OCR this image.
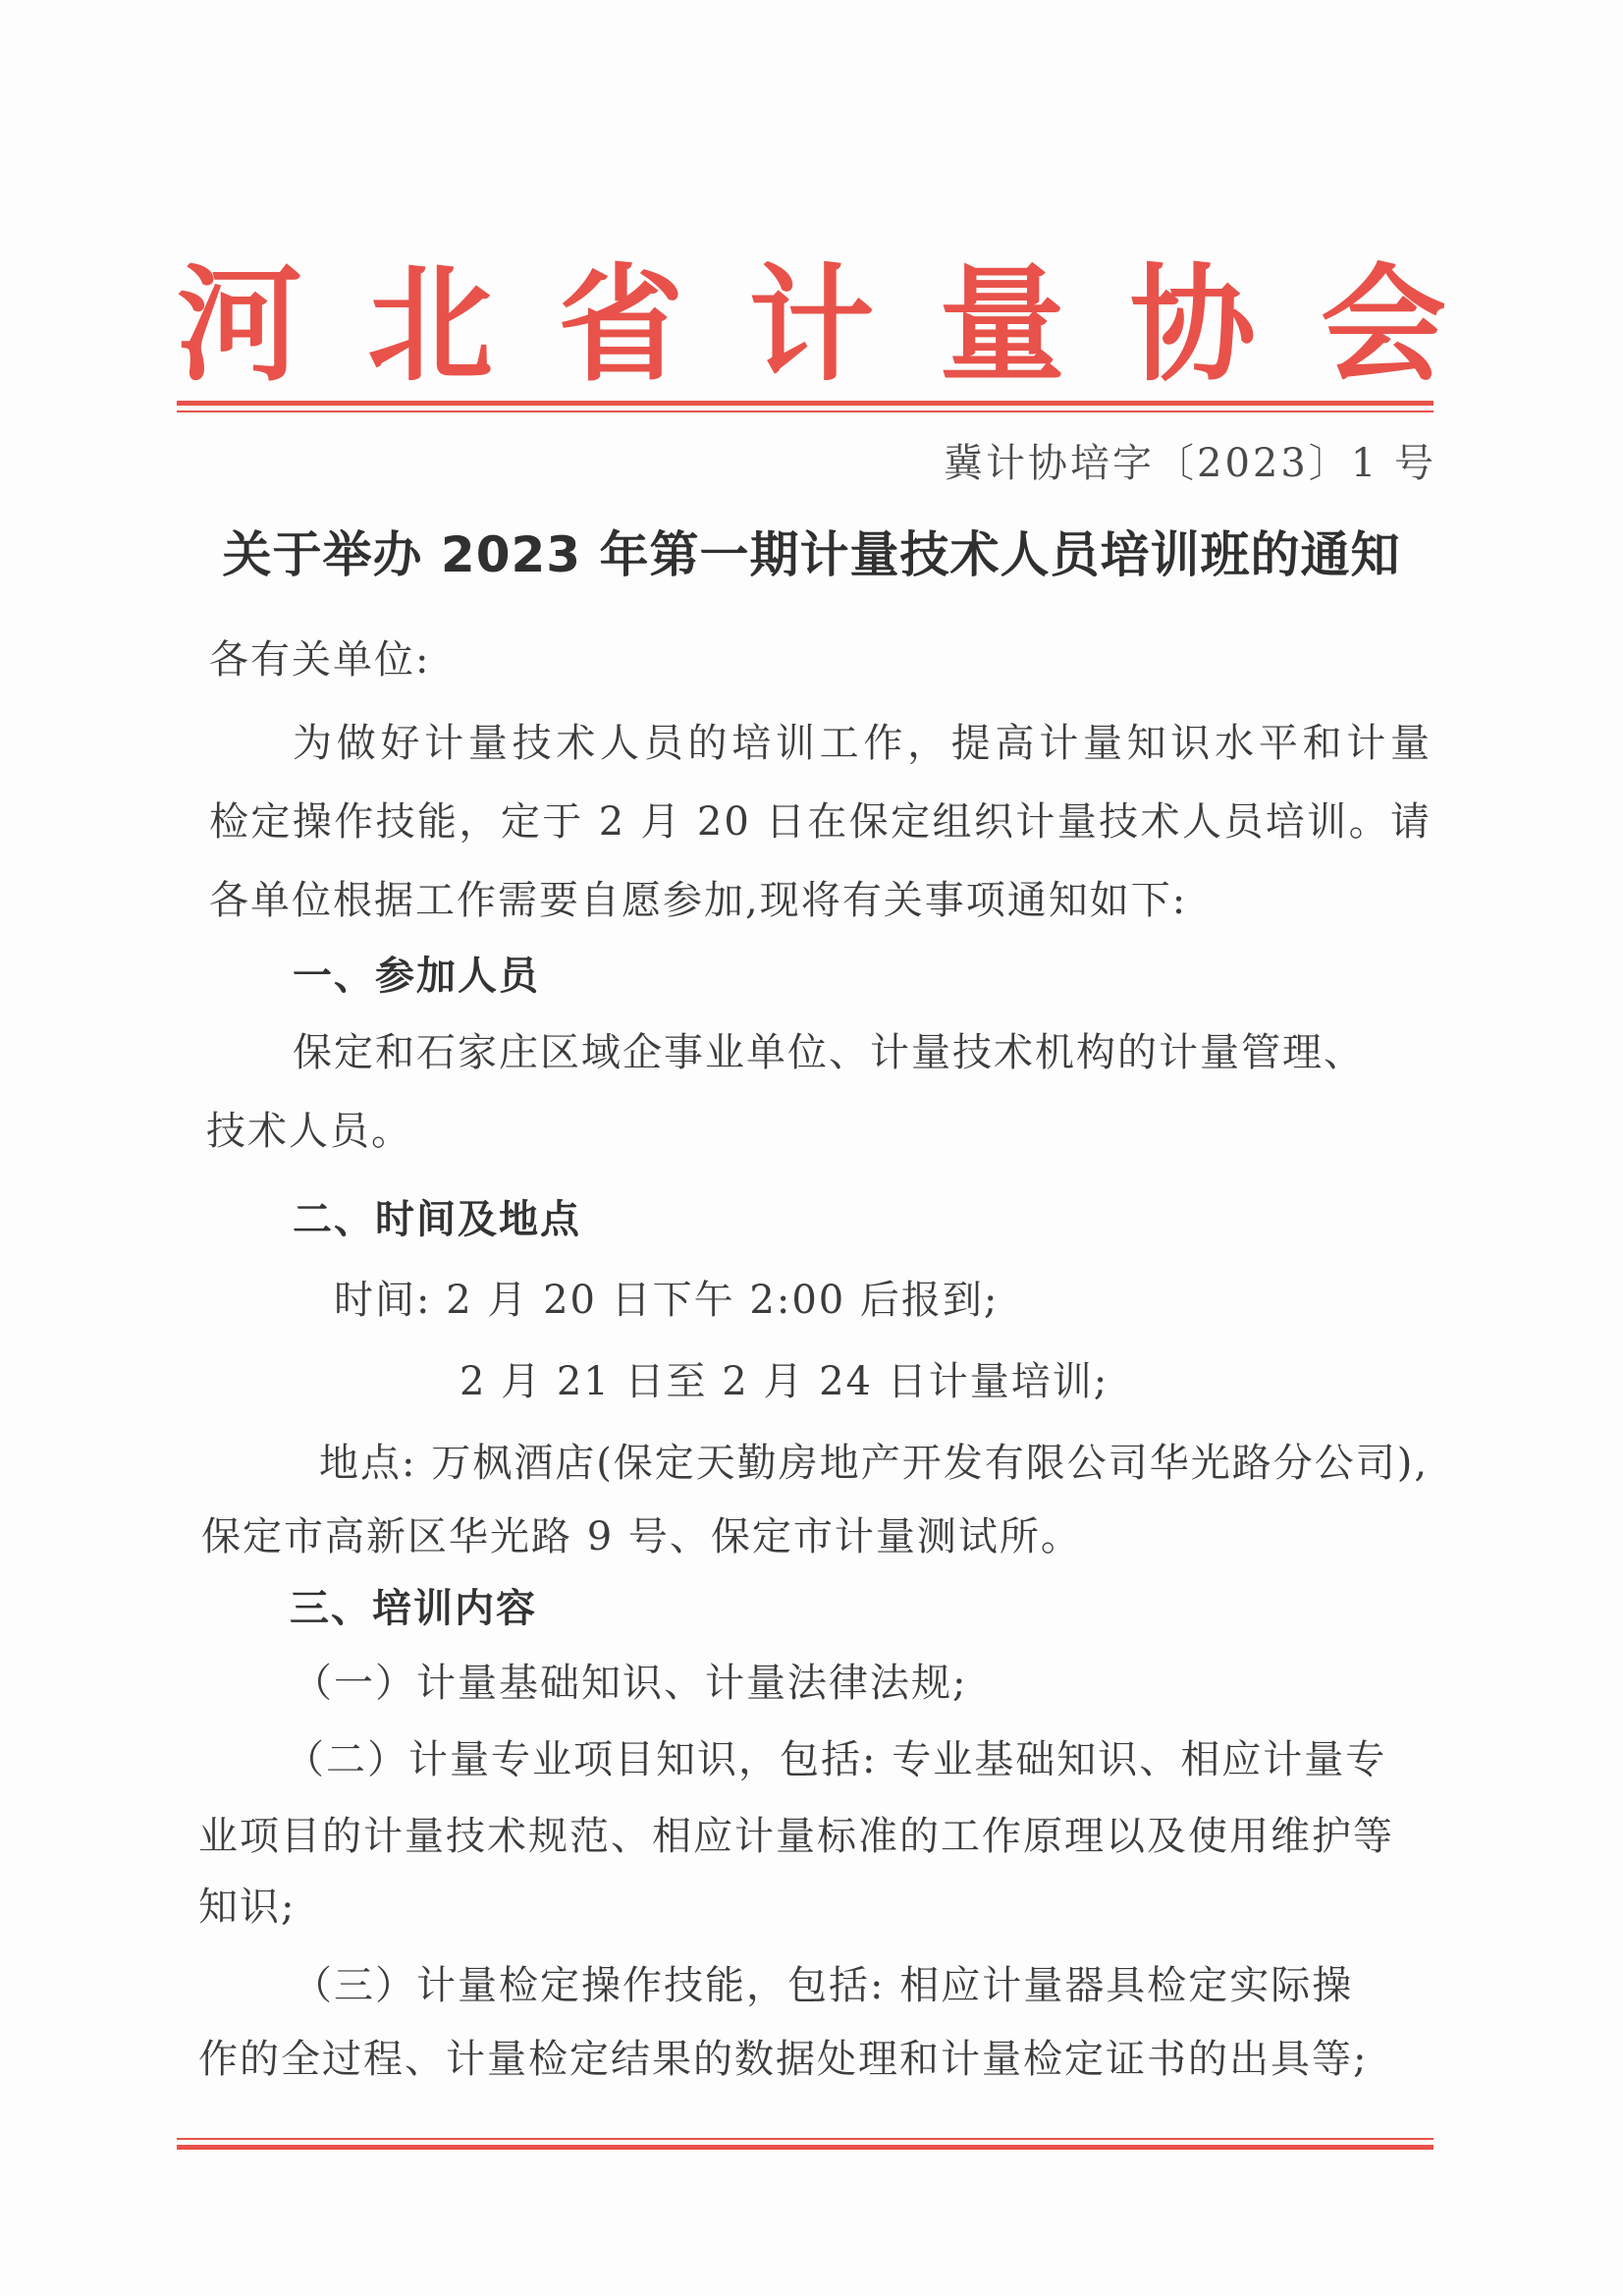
河 北 省 计 量 协 会
冀计协培字〔2023〕1 号
关于举办 2023 年第一期计量技术人员培训班的通知
各有关单位:
为做好计量技术人员的培训工作，提高计量知识水平和计量
检定操作技能，定于 2 月 20 日在保定组织计量技术人员培训。请
各单位根据工作需要自愿参加,现将有关事项通知如下:
一、参加人员
保定和石家庄区域企事业单位、计量技术机构的计量管理、
技术人员。
二、时间及地点
时间: 2 月 20 日下午 2:00 后报到;
2 月 21 日至 2 月 24 日计量培训;
地点: 万枫酒店(保定天勤房地产开发有限公司华光路分公司),
保定市高新区华光路 9 号、保定市计量测试所。
三、培训内容
（一）计量基础知识、计量法律法规;
（二）计量专业项目知识，包括: 专业基础知识、相应计量专
业项目的计量技术规范、相应计量标准的工作原理以及使用维护等
知识;
（三）计量检定操作技能，包括: 相应计量器具检定实际操
作的全过程、计量检定结果的数据处理和计量检定证书的出具等;
